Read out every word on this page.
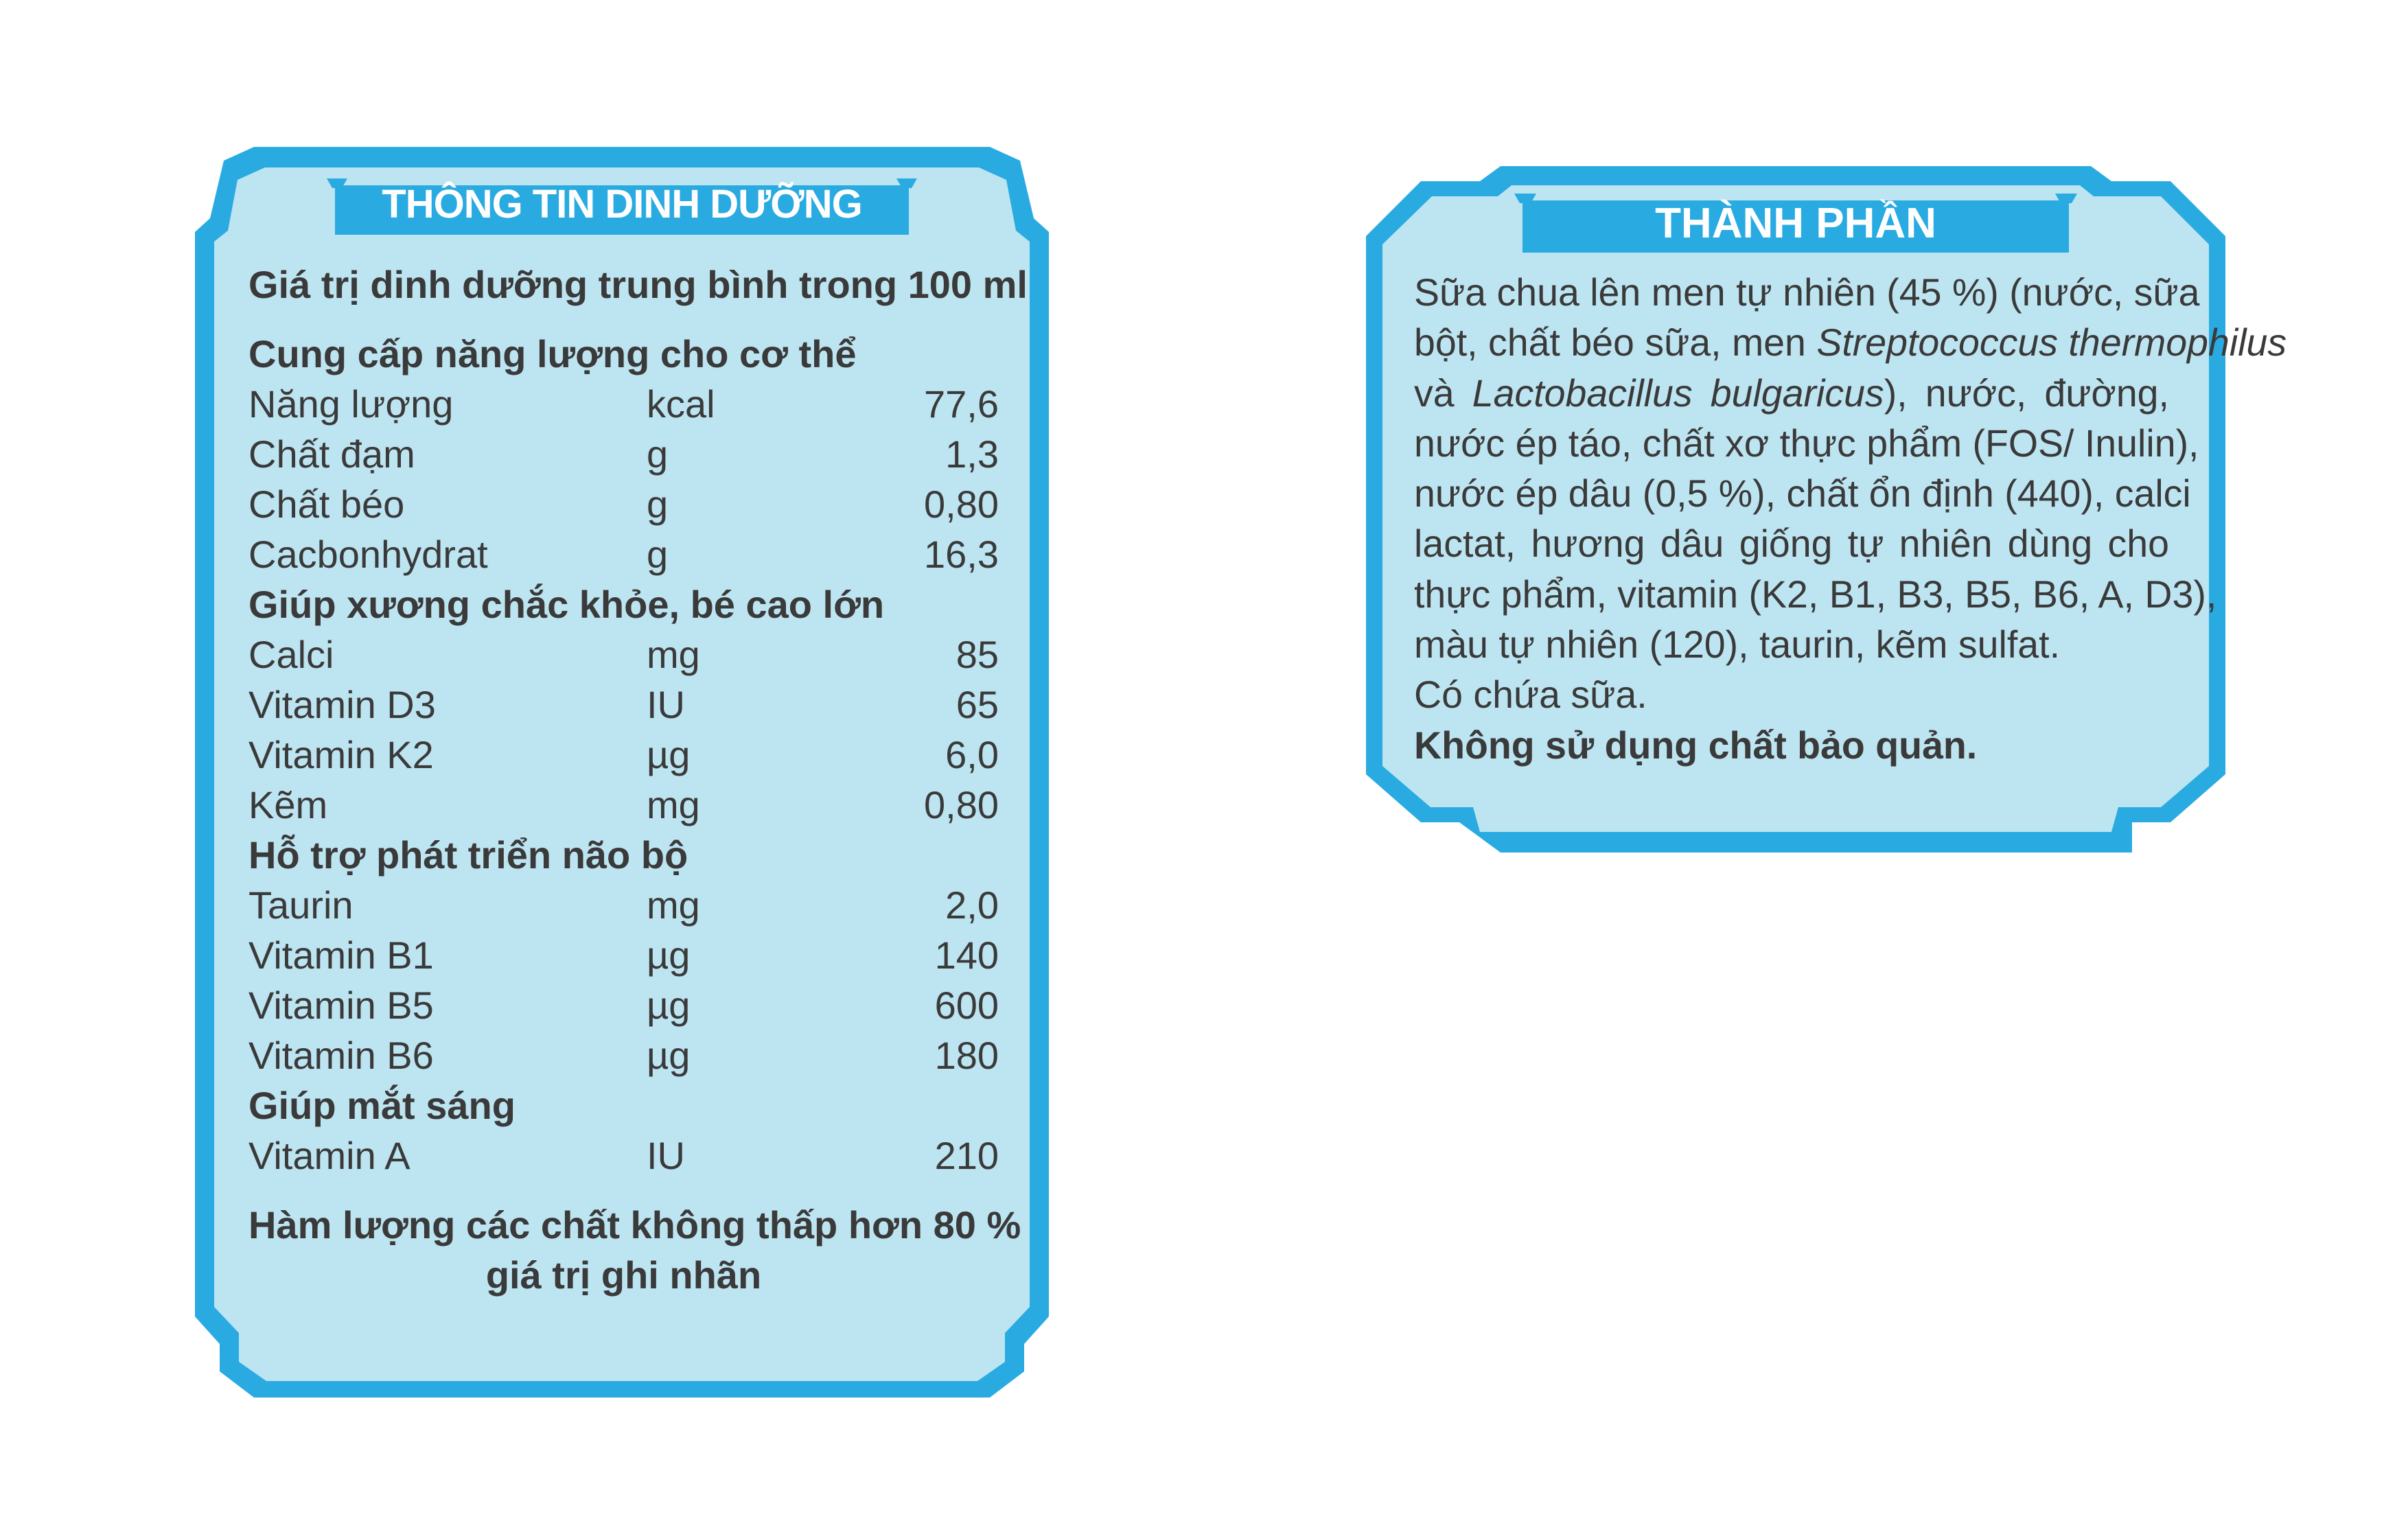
THÔNG TIN DINH DƯỠNG
Giá trị dinh dưỡng trung bình trong 100 ml
Cung cấp năng lượng cho cơ thể
Năng lượng	kcal	77,6
Chất đạm	g	1,3
Chất béo	g	0,80
Cacbonhydrat	g	16,3
Giúp xương chắc khỏe, bé cao lớn
Calci	mg	85
Vitamin D3	IU	65
Vitamin K2	µg	6,0
Kẽm	mg	0,80
Hỗ trợ phát triển não bộ
Taurin	mg	2,0
Vitamin B1	µg	140
Vitamin B5	µg	600
Vitamin B6	µg	180
Giúp mắt sáng
Vitamin A	IU	210
Hàm lượng các chất không thấp hơn 80 %
giá trị ghi nhãn
THÀNH PHẦN
Sữa chua lên men tự nhiên (45 %) (nước, sữa
bột, chất béo sữa, men Streptococcus thermophilus
và Lactobacillus bulgaricus), nước, đường,
nước ép táo, chất xơ thực phẩm (FOS/ Inulin),
nước ép dâu (0,5 %), chất ổn định (440), calci
lactat, hương dâu giống tự nhiên dùng cho
thực phẩm, vitamin (K2, B1, B3, B5, B6, A, D3),
màu tự nhiên (120), taurin, kẽm sulfat.
Có chứa sữa.
Không sử dụng chất bảo quản.
